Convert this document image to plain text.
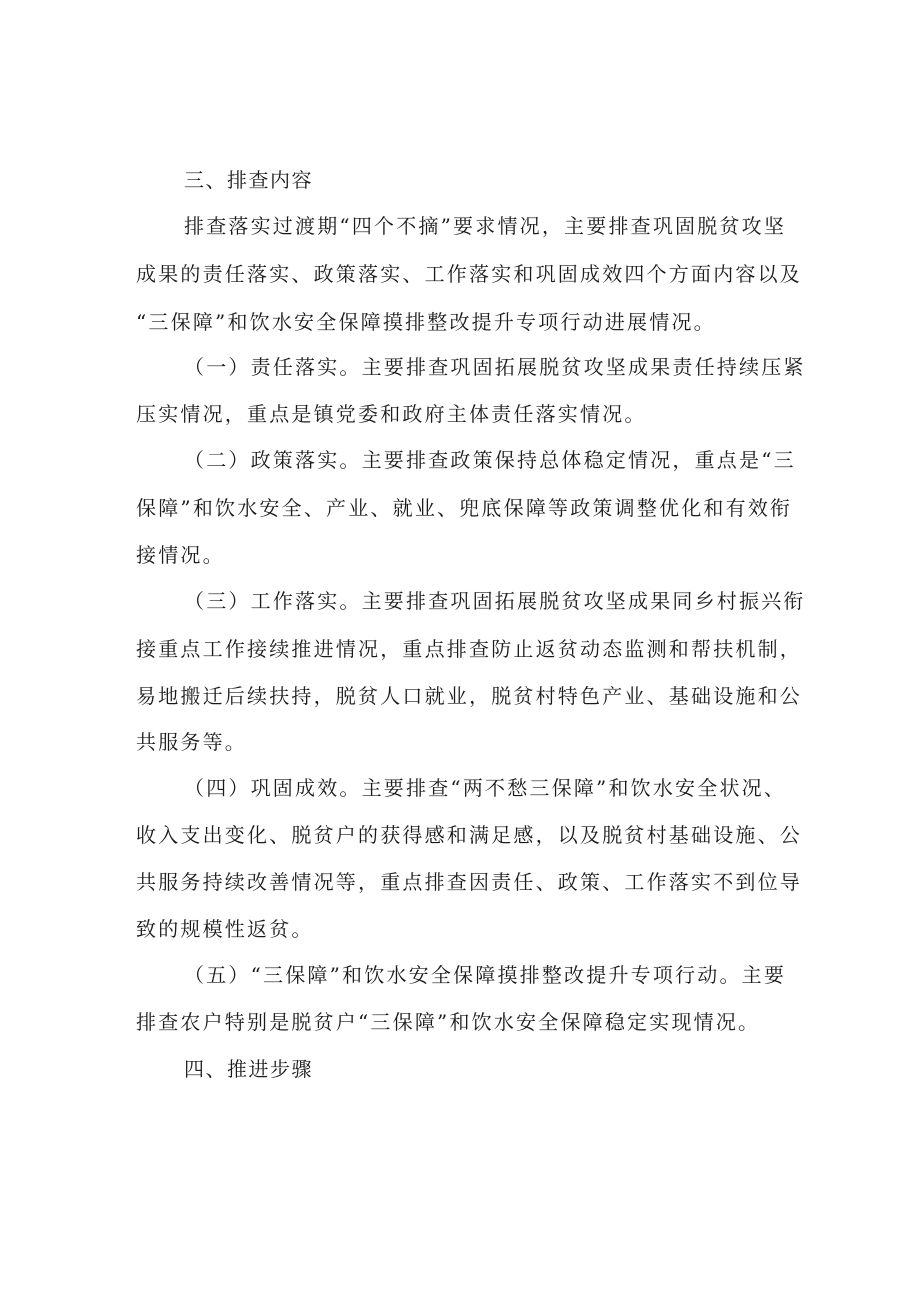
三、排查内容
排查落实过渡期“四个不摘”要求情况，主要排查巩固脱贫攻坚
成果的责任落实、政策落实、工作落实和巩固成效四个方面内容以及
“三保障”和饮水安全保障摸排整改提升专项行动进展情况。
（一）责任落实。主要排查巩固拓展脱贫攻坚成果责任持续压紧
压实情况，重点是镇党委和政府主体责任落实情况。
（二）政策落实。主要排查政策保持总体稳定情况，重点是“三
保障”和饮水安全、产业、就业、兜底保障等政策调整优化和有效衔
接情况。
（三）工作落实。主要排查巩固拓展脱贫攻坚成果同乡村振兴衔
接重点工作接续推进情况，重点排查防止返贫动态监测和帮扶机制，
易地搬迁后续扶持，脱贫人口就业，脱贫村特色产业、基础设施和公
共服务等。
（四）巩固成效。主要排查“两不愁三保障”和饮水安全状况、
收入支出变化、脱贫户的获得感和满足感，以及脱贫村基础设施、公
共服务持续改善情况等，重点排查因责任、政策、工作落实不到位导
致的规模性返贫。
（五）“三保障”和饮水安全保障摸排整改提升专项行动。主要
排查农户特别是脱贫户“三保障”和饮水安全保障稳定实现情况。
四、推进步骤
